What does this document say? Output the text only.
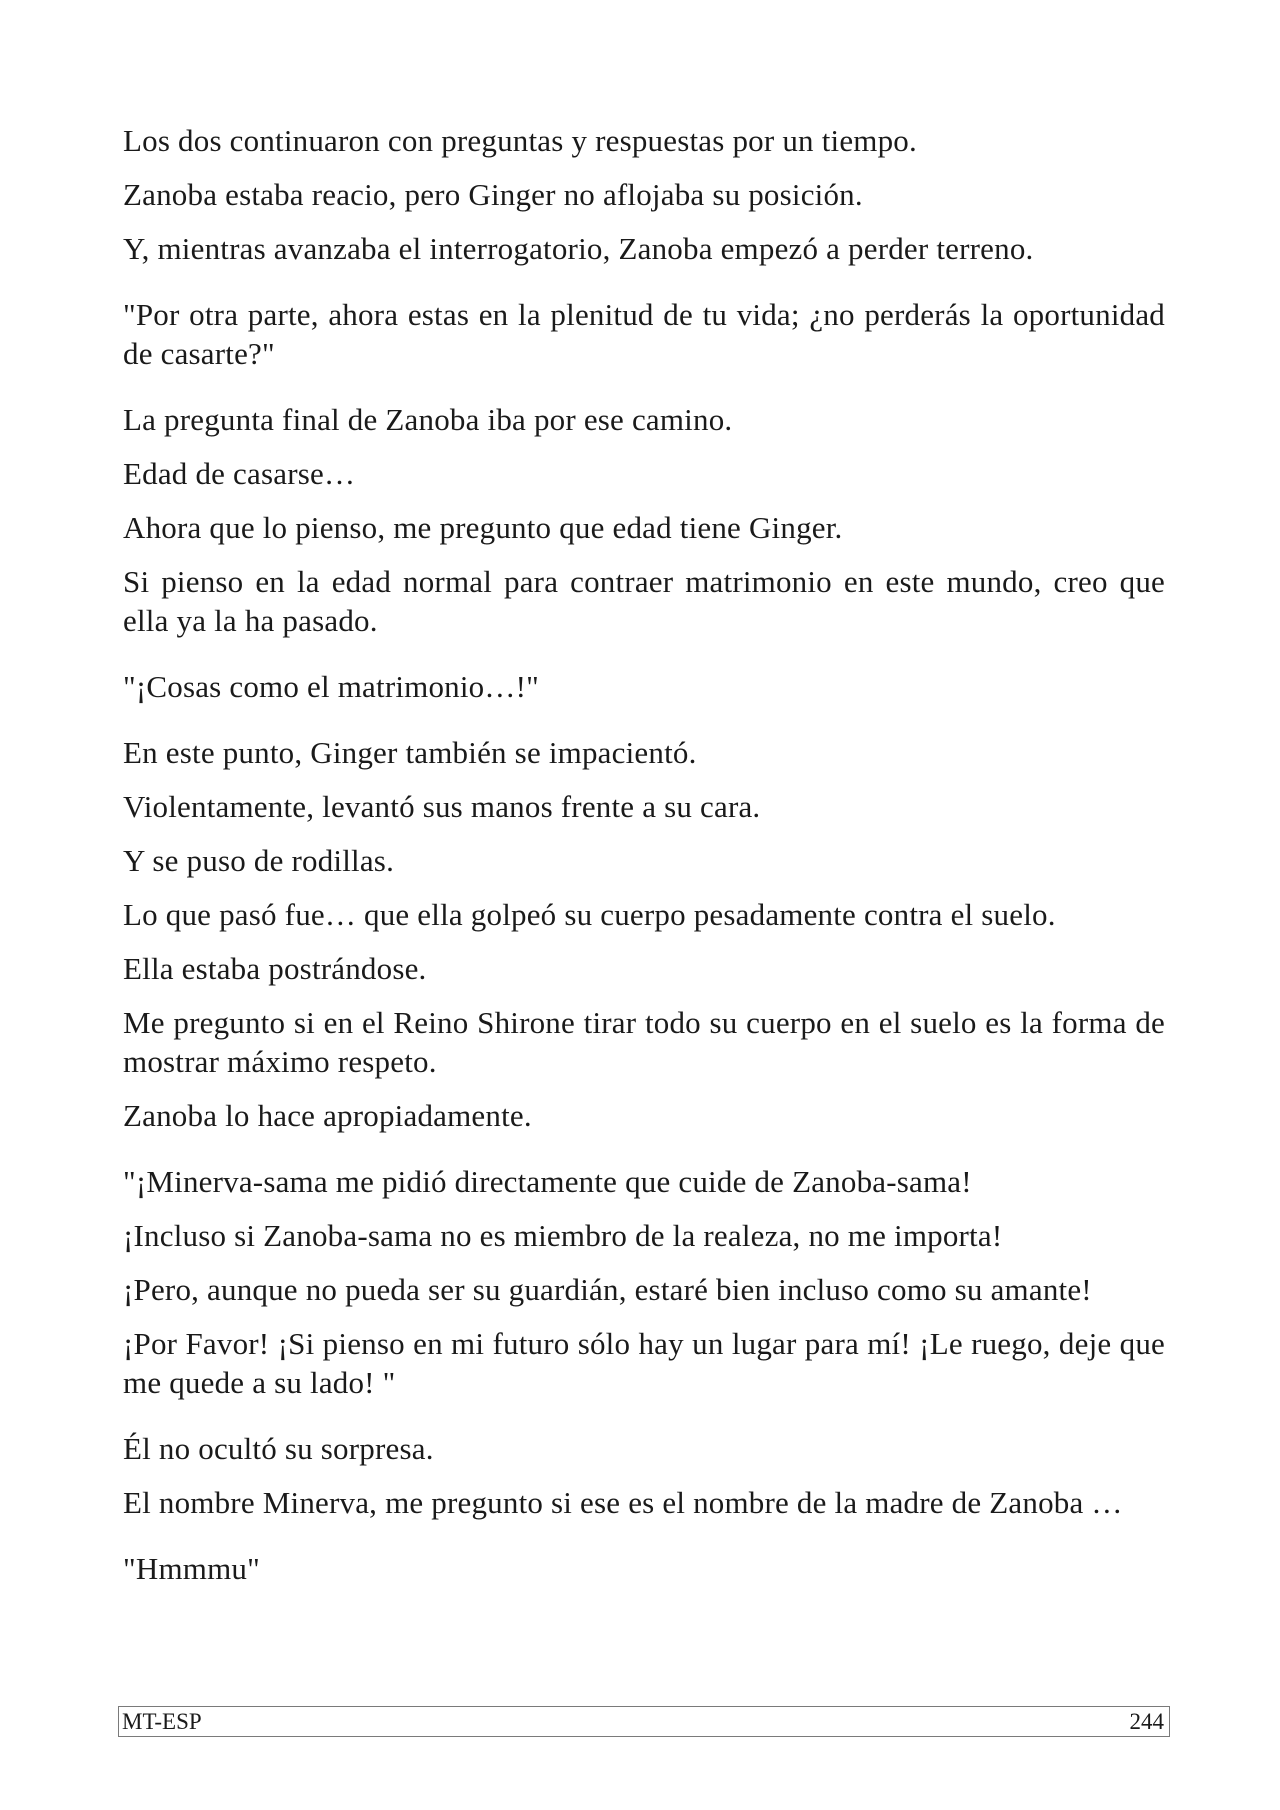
Los dos continuaron con preguntas y respuestas por un tiempo.

Zanoba estaba reacio, pero Ginger no aflojaba su posición.

Y, mientras avanzaba el interrogatorio, Zanoba empezó a perder terreno.

"Por otra parte, ahora estas en la plenitud de tu vida; ¿no perderás la oportunidad de casarte?"

La pregunta final de Zanoba iba por ese camino.

Edad de casarse…

Ahora que lo pienso, me pregunto que edad tiene Ginger.

Si pienso en la edad normal para contraer matrimonio en este mundo, creo que ella ya la ha pasado.

"¡Cosas como el matrimonio…!"

En este punto, Ginger también se impacientó.

Violentamente, levantó sus manos frente a su cara.

Y se puso de rodillas.

Lo que pasó fue… que ella golpeó su cuerpo pesadamente contra el suelo.

Ella estaba postrándose.

Me pregunto si en el Reino Shirone tirar todo su cuerpo en el suelo es la forma de mostrar máximo respeto.

Zanoba lo hace apropiadamente.

"¡Minerva-sama me pidió directamente que cuide de Zanoba-sama!

¡Incluso si Zanoba-sama no es miembro de la realeza, no me importa!

¡Pero, aunque no pueda ser su guardián, estaré bien incluso como su amante!

¡Por Favor! ¡Si pienso en mi futuro sólo hay un lugar para mí! ¡Le ruego, deje que me quede a su lado! "

Él no ocultó su sorpresa.

El nombre Minerva, me pregunto si ese es el nombre de la madre de Zanoba …

"Hmmmu"

MT-ESP	244
